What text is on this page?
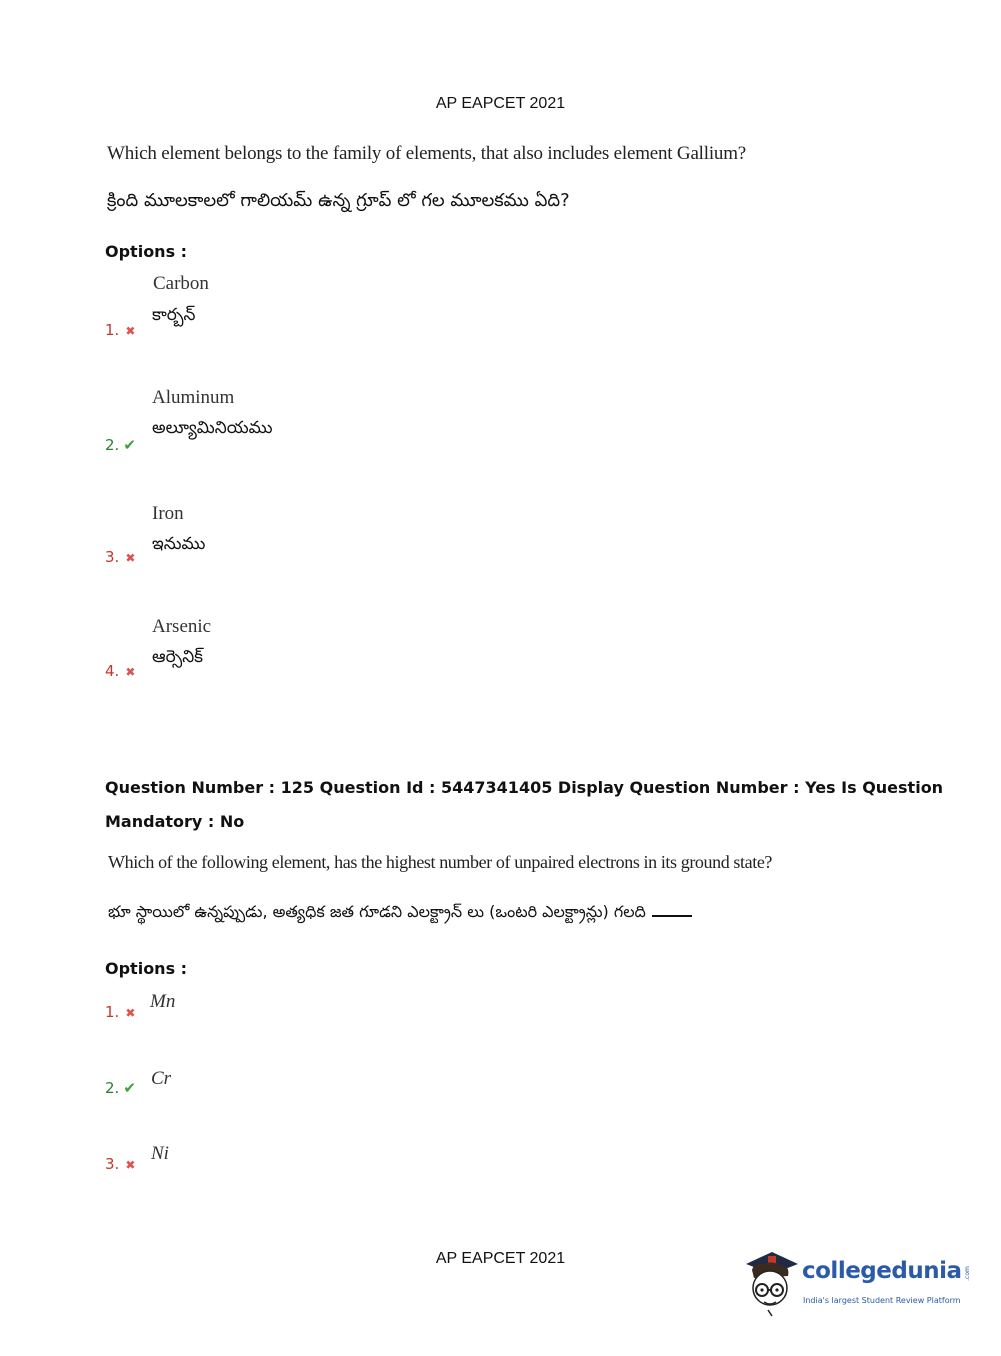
AP EAPCET 2021
Which element belongs to the family of elements, that also includes element Gallium?
క్రింది మూలకాలలో గాలియమ్ ఉన్న గ్రూప్ లో గల మూలకము ఏది?
Options :
Carbon
కార్బన్
1. ✖
Aluminum
అల్యూమినియము
2. ✔
Iron
ఇనుము
3. ✖
Arsenic
ఆర్సెనిక్
4. ✖
Question Number : 125 Question Id : 5447341405 Display Question Number : Yes Is Question
Mandatory : No
Which of the following element, has the highest number of unpaired electrons in its ground state?
భూ స్థాయిలో ఉన్నప్పుడు, అత్యధిక జత గూడని ఎలక్ట్రాన్ లు (ఒంటరి ఎలక్ట్రాన్లు) గలది
Options :
Mn
1. ✖
Cr
2. ✔
Ni
3. ✖
AP EAPCET 2021	collegedunia .com
India's largest Student Review Platform
